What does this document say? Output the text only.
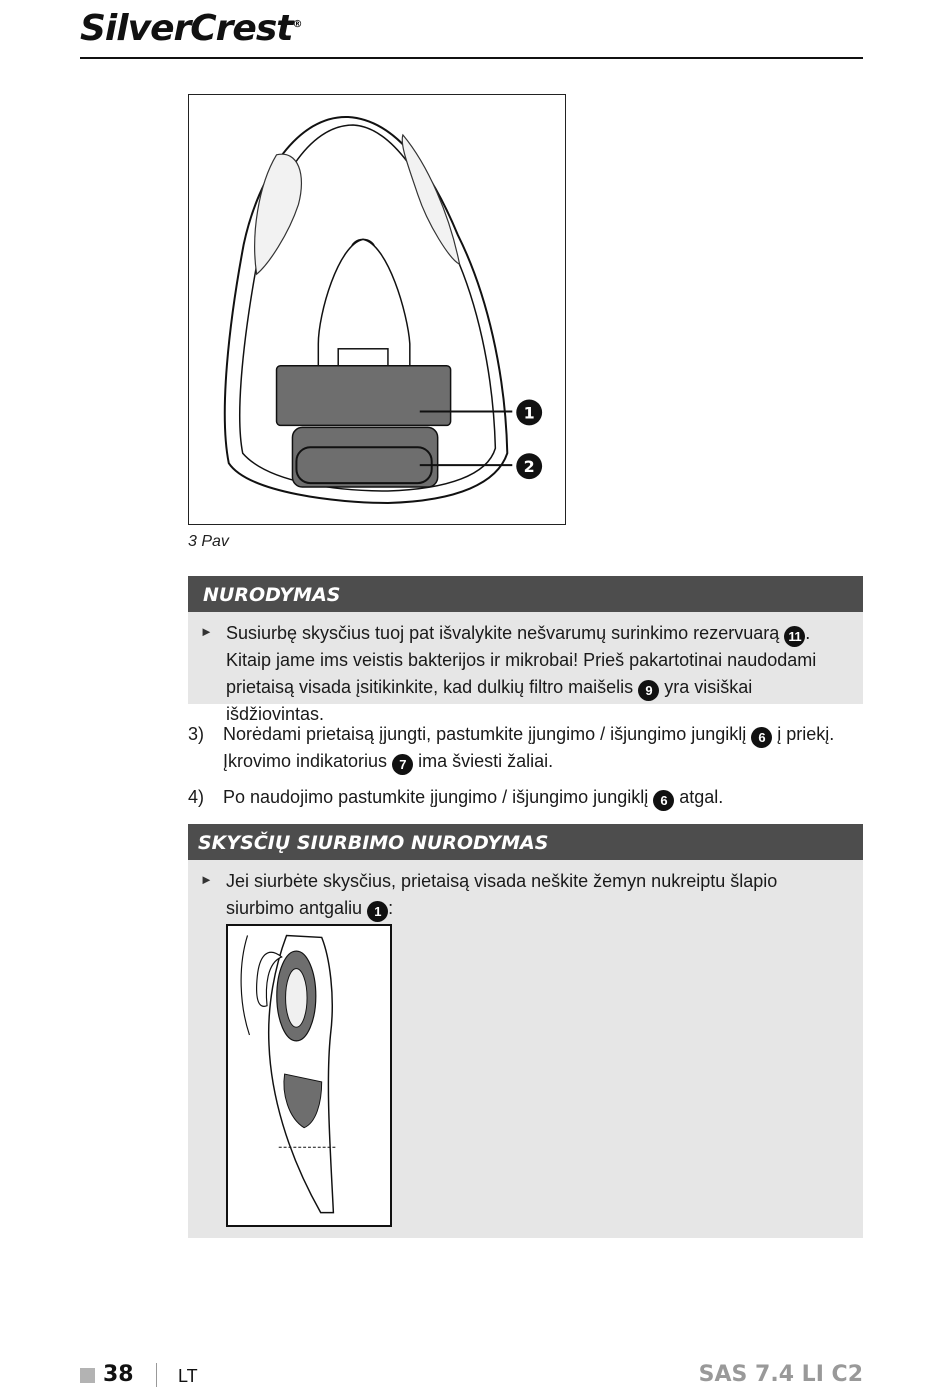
SilverCrest®
1
2
3 Pav
NURODYMAS
► Susiurbę skysčius tuoj pat išvalykite nešvarumų surinkimo rezervuarą 11 . Kitaip jame ims veistis bakterijos ir mikrobai! Prieš pakartotinai naudodami prietaisą visada įsitikinkite, kad dulkių filtro maišelis 9 yra visiškai išdžiovintas.
3) Norėdami prietaisą įjungti, pastumkite įjungimo / išjungimo jungiklį 6 į priekį. Įkrovimo indikatorius 7 ima šviesti žaliai.
4) Po naudojimo pastumkite įjungimo / išjungimo jungiklį 6 atgal.
SKYSČIŲ SIURBIMO NURODYMAS
► Jei siurbėte skysčius, prietaisą visada neškite žemyn nukreiptu šlapio siurbimo antgaliu 1 :
38 LT	SAS 7.4 LI C2
